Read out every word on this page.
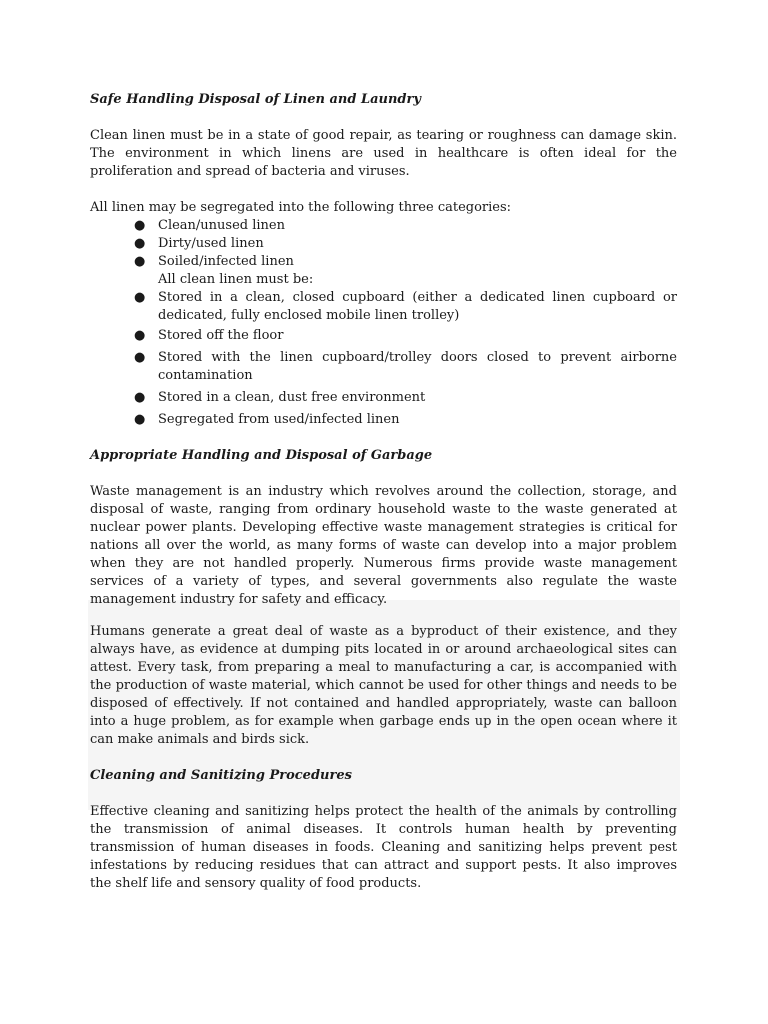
Safe Handling Disposal of Linen and Laundry

Clean linen must be in a state of good repair, as tearing or roughness can damage skin. The environment in which linens are used in healthcare is often ideal for the proliferation and spread of bacteria and viruses.

All linen may be segregated into the following three categories:

● Clean/unused linen

● Dirty/used linen

● Soiled/infected linen

All clean linen must be:

● Stored in a clean, closed cupboard (either a dedicated linen cupboard or dedicated, fully enclosed mobile linen trolley)

● Stored off the floor

● Stored with the linen cupboard/trolley doors closed to prevent airborne contamination

● Stored in a clean, dust free environment

● Segregated from used/infected linen

Appropriate Handling and Disposal of Garbage

Waste management is an industry which revolves around the collection, storage, and disposal of waste, ranging from ordinary household waste to the waste generated at nuclear power plants. Developing effective waste management strategies is critical for nations all over the world, as many forms of waste can develop into a major problem when they are not handled properly. Numerous firms provide waste management services of a variety of types, and several governments also regulate the waste management industry for safety and efficacy.

Humans generate a great deal of waste as a byproduct of their existence, and they always have, as evidence at dumping pits located in or around archaeological sites can attest. Every task, from preparing a meal to manufacturing a car, is accompanied with the production of waste material, which cannot be used for other things and needs to be disposed of effectively. If not contained and handled appropriately, waste can balloon into a huge problem, as for example when garbage ends up in the open ocean where it can make animals and birds sick.

Cleaning and Sanitizing Procedures

Effective cleaning and sanitizing helps protect the health of the animals by controlling the transmission of animal diseases. It controls human health by preventing transmission of human diseases in foods. Cleaning and sanitizing helps prevent pest infestations by reducing residues that can attract and support pests. It also improves the shelf life and sensory quality of food products.
